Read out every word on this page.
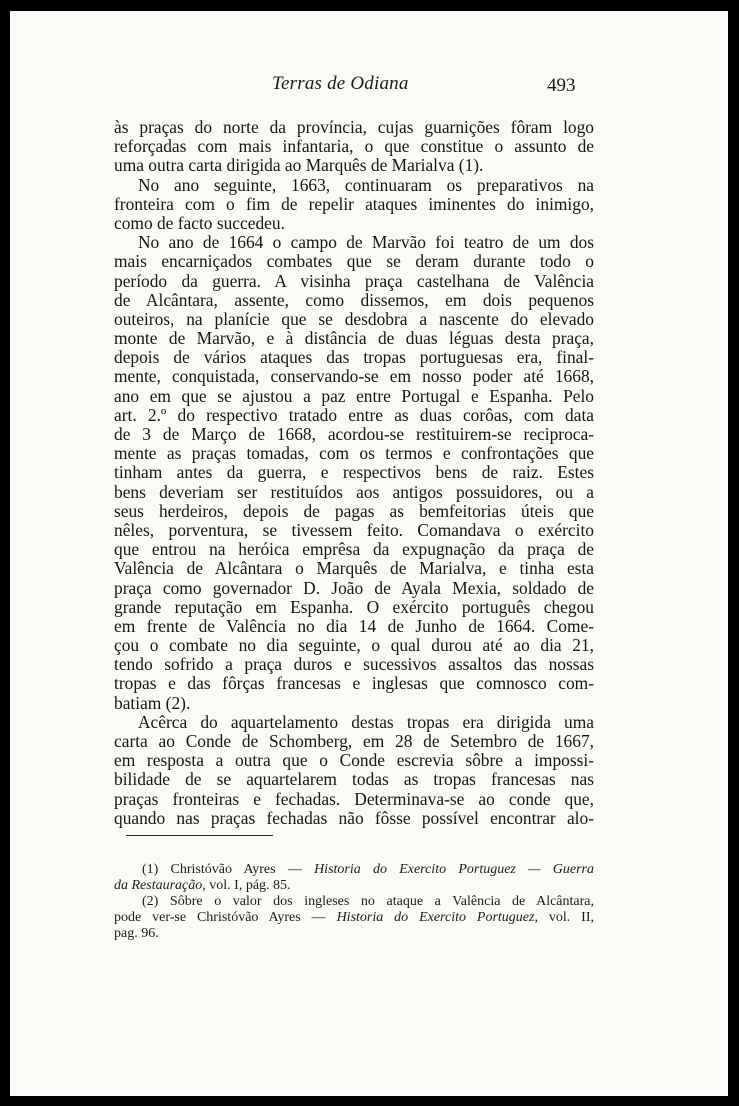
Terras de Odiana	493
às praças do norte da província, cujas guarnições fôram logo
reforçadas com mais infantaria, o que constitue o assunto de
uma outra carta dirigida ao Marquês de Marialva (1).
No ano seguinte, 1663, continuaram os preparativos na
fronteira com o fim de repelir ataques iminentes do inimigo,
como de facto succedeu.
No ano de 1664 o campo de Marvão foi teatro de um dos
mais encarniçados combates que se deram durante todo o
período da guerra. A visinha praça castelhana de Valência
de Alcântara, assente, como dissemos, em dois pequenos
outeiros, na planície que se desdobra a nascente do elevado
monte de Marvão, e à distância de duas léguas desta praça,
depois de vários ataques das tropas portuguesas era, final-
mente, conquistada, conservando-se em nosso poder até 1668,
ano em que se ajustou a paz entre Portugal e Espanha. Pelo
art. 2.º do respectivo tratado entre as duas corôas, com data
de 3 de Março de 1668, acordou-se restituirem-se reciproca-
mente as praças tomadas, com os termos e confrontações que
tinham antes da guerra, e respectivos bens de raiz. Estes
bens deveriam ser restituídos aos antigos possuidores, ou a
seus herdeiros, depois de pagas as bemfeitorias úteis que
nêles, porventura, se tivessem feito. Comandava o exército
que entrou na heróica emprêsa da expugnação da praça de
Valência de Alcântara o Marquês de Marialva, e tinha esta
praça como governador D. João de Ayala Mexia, soldado de
grande reputação em Espanha. O exército português chegou
em frente de Valência no dia 14 de Junho de 1664. Come-
çou o combate no dia seguinte, o qual durou até ao dia 21,
tendo sofrido a praça duros e sucessivos assaltos das nossas
tropas e das fôrças francesas e inglesas que comnosco com-
batiam (2).
Acêrca do aquartelamento destas tropas era dirigida uma
carta ao Conde de Schomberg, em 28 de Setembro de 1667,
em resposta a outra que o Conde escrevia sôbre a impossi-
bilidade de se aquartelarem todas as tropas francesas nas
praças fronteiras e fechadas. Determinava-se ao conde que,
quando nas praças fechadas não fôsse possível encontrar alo-
(1) Christóvão Ayres — Historia do Exercito Portuguez — Guerra
da Restauração, vol. I, pág. 85.
(2) Sôbre o valor dos ingleses no ataque a Valência de Alcântara,
pode ver-se Christóvão Ayres — Historia do Exercito Portuguez, vol. II,
pag. 96.
